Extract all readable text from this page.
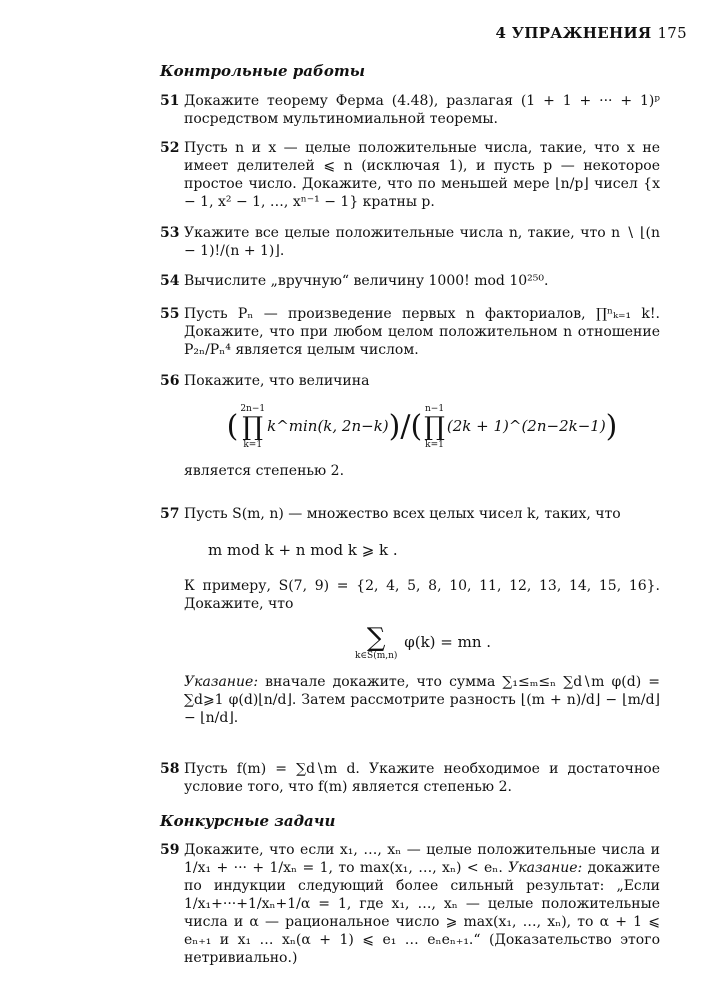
4 УПРАЖНЕНИЯ 175
Контрольные работы
51 Докажите теорему Ферма (4.48), разлагая (1 + 1 + ··· + 1)ᵖ посредством мультиномиальной теоремы.

52 Пусть n и x — целые положительные числа, такие, что x не имеет делителей ⩽ n (исключая 1), и пусть p — некоторое простое число. Докажите, что по меньшей мере ⌊n/p⌋ чисел {x − 1, x² − 1, …, xⁿ⁻¹ − 1} кратны p.

53 Укажите все целые положительные числа n, такие, что n ∖ ⌊(n − 1)!/(n + 1)⌋.

54 Вычислите „вручную“ величину 1000! mod 10²⁵⁰.

55 Пусть Pₙ — произведение первых n факториалов, ∏ⁿₖ₌₁ k!. Докажите, что при любом целом положительном n отношение P₂ₙ/Pₙ⁴ является целым числом.

56 Покажите, что величина

( 2n−1
∏
k=1
k^min(k, 2n−k))/( n−1
∏
k=1
(2k + 1)^(2n−2k−1))

является степенью 2.

57 Пусть S(m, n) — множество всех целых чисел k, таких, что

m mod k + n mod k ⩾ k .

К примеру, S(7, 9) = {2, 4, 5, 8, 10, 11, 12, 13, 14, 15, 16}. Докажите, что

∑
k∈S(m,n)
φ(k) = mn .

Указание: вначале докажите, что сумма ∑₁≤ₘ≤ₙ ∑d∖m φ(d) = ∑d⩾1 φ(d)⌊n/d⌋. Затем рассмотрите разность ⌊(m + n)/d⌋ − ⌊m/d⌋ − ⌊n/d⌋.

58 Пусть f(m) = ∑d∖m d. Укажите необходимое и достаточное условие того, что f(m) является степенью 2.

Конкурсные задачи
59 Докажите, что если x₁, …, xₙ — целые положительные числа и 1/x₁ + ··· + 1/xₙ = 1, то max(x₁, …, xₙ) < eₙ. Указание: докажите по индукции следующий более сильный результат: „Если 1/x₁+···+1/xₙ+1/α = 1, где x₁, …, xₙ — целые положительные числа и α — рациональное число ⩾ max(x₁, …, xₙ), то α + 1 ⩽ eₙ₊₁ и x₁ … xₙ(α + 1) ⩽ e₁ … eₙeₙ₊₁.“ (Доказательство этого нетривиально.)
